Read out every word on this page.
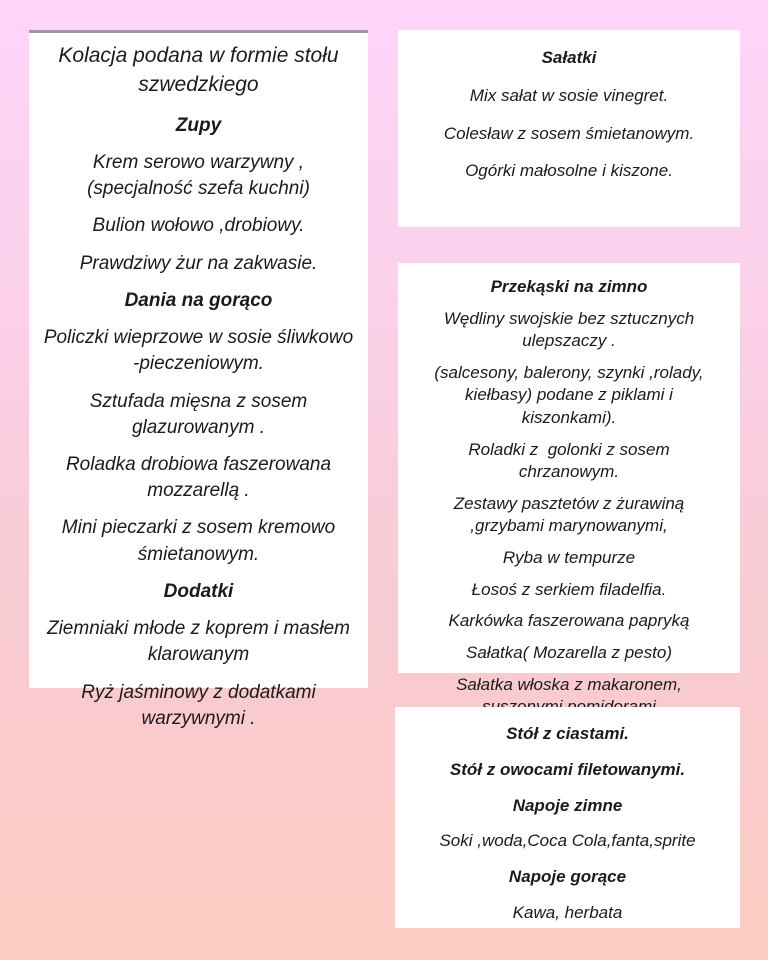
Kolacja podana w formie stołu szwedzkiego

Zupy

Krem serowo warzywny , (specjalność szefa kuchni)

Bulion wołowo ,drobiowy.

Prawdziwy żur na zakwasie.

Dania na gorąco

Policzki wieprzowe w sosie śliwkowo -pieczeniowym.

Sztufada mięsna z sosem glazurowanym .

Roladka drobiowa faszerowana mozzarellą .

Mini pieczarki z sosem kremowo śmietanowym.

Dodatki

Ziemniaki młode z koprem i masłem klarowanym

Ryż jaśminowy z dodatkami warzywnymi .

Sałatki

Mix sałat w sosie vinegret.

Colesław z sosem śmietanowym.

Ogórki małosolne i kiszone.

Przekąski na zimno

Wędliny swojskie bez sztucznych ulepszaczy .

(salcesony, balerony, szynki ,rolady, kiełbasy) podane z piklami i kiszonkami).

Roladki z  golonki z sosem chrzanowym.

Zestawy pasztetów z żurawiną ,grzybami marynowanymi,

Ryba w tempurze

Łosoś z serkiem filadelfia.

Karkówka faszerowana papryką

Sałatka( Mozarella z pesto)

Sałatka włoska z makaronem,

Stół z ciastami.

Stół z owocami filetowanymi.

Napoje zimne

Soki ,woda,Coca Cola,fanta,sprite

Napoje gorące

Kawa, herbata
